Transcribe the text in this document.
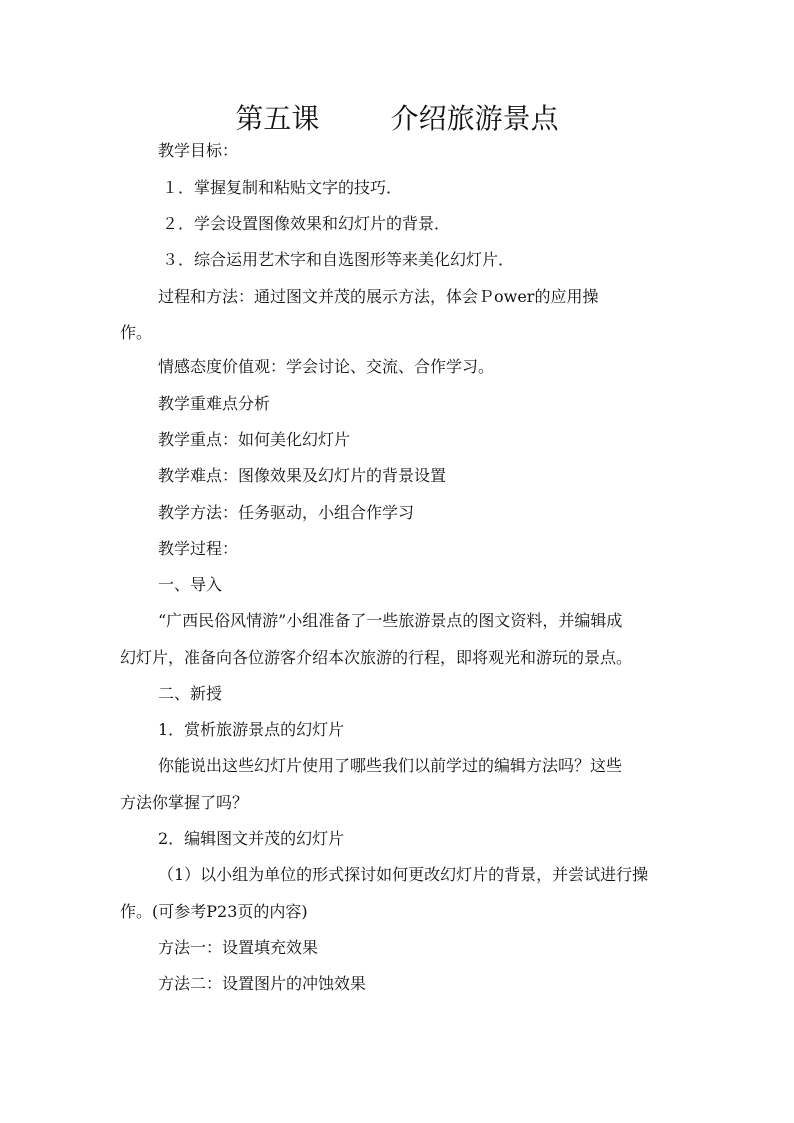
第五课        介绍旅游景点
教学目标：
１．掌握复制和粘贴文字的技巧．
２．学会设置图像效果和幻灯片的背景．
３．综合运用艺术字和自选图形等来美化幻灯片．
过程和方法：通过图文并茂的展示方法，体会Ｐower的应用操
作。
情感态度价值观：学会讨论、交流、合作学习。
教学重难点分析
教学重点：如何美化幻灯片
教学难点：图像效果及幻灯片的背景设置
教学方法：任务驱动，小组合作学习
教学过程：
一、导入
“广西民俗风情游”小组准备了一些旅游景点的图文资料，并编辑成
幻灯片，准备向各位游客介绍本次旅游的行程，即将观光和游玩的景点。
二、新授
1．赏析旅游景点的幻灯片
你能说出这些幻灯片使用了哪些我们以前学过的编辑方法吗？这些
方法你掌握了吗？
2．编辑图文并茂的幻灯片
（1）以小组为单位的形式探讨如何更改幻灯片的背景，并尝试进行操
作。(可参考P23页的内容)
方法一：设置填充效果
方法二：设置图片的冲蚀效果
